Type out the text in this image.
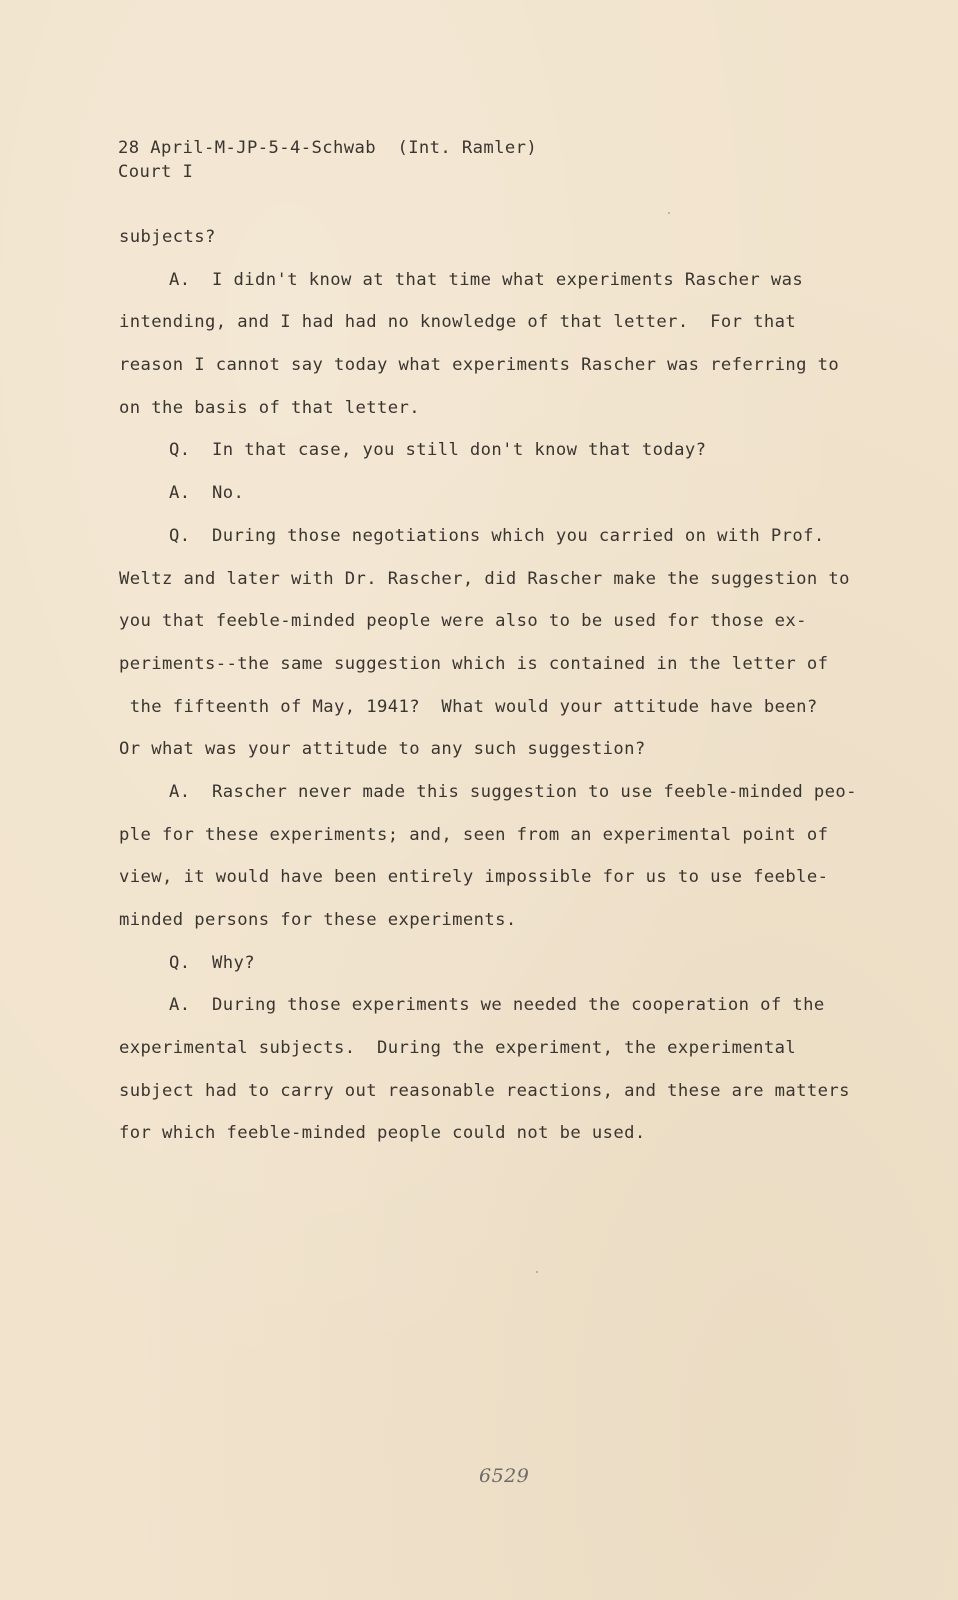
28 April-M-JP-5-4-Schwab  (Int. Ramler)
Court I
subjects?
A.  I didn't know at that time what experiments Rascher was
intending, and I had had no knowledge of that letter.  For that
reason I cannot say today what experiments Rascher was referring to
on the basis of that letter.
Q.  In that case, you still don't know that today?
A.  No.
Q.  During those negotiations which you carried on with Prof.
Weltz and later with Dr. Rascher, did Rascher make the suggestion to
you that feeble-minded people were also to be used for those ex-
periments--the same suggestion which is contained in the letter of
the fifteenth of May, 1941?  What would your attitude have been?
Or what was your attitude to any such suggestion?
A.  Rascher never made this suggestion to use feeble-minded peo-
ple for these experiments; and, seen from an experimental point of
view, it would have been entirely impossible for us to use feeble-
minded persons for these experiments.
Q.  Why?
A.  During those experiments we needed the cooperation of the
experimental subjects.  During the experiment, the experimental
subject had to carry out reasonable reactions, and these are matters
for which feeble-minded people could not be used.
6529
